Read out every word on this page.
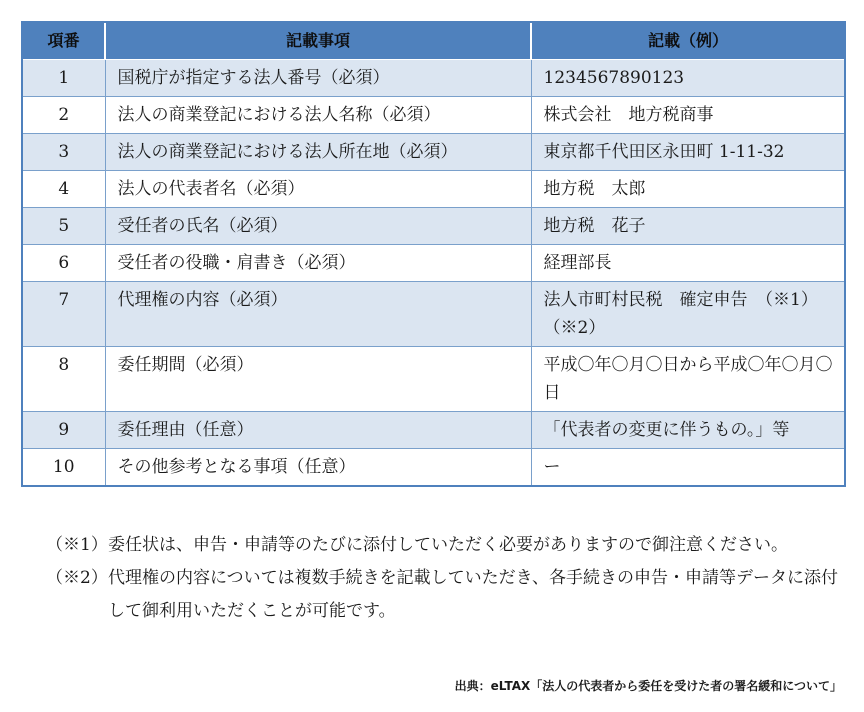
項番	記載事項	記載（例）
1	国税庁が指定する法人番号（必須）	1234567890123
2	法人の商業登記における法人名称（必須）	株式会社　地方税商事
3	法人の商業登記における法人所在地（必須）	東京都千代田区永田町 1-11-32
4	法人の代表者名（必須）	地方税　太郎
5	受任者の氏名（必須）	地方税　花子
6	受任者の役職・肩書き（必須）	経理部長
7	代理権の内容（必須）	法人市町村民税　確定申告　（※1）（※2）
8	委任期間（必須）	平成〇年〇月〇日から平成〇年〇月〇日
9	委任理由（任意）	「代表者の変更に伴うもの。」等
10	その他参考となる事項（任意）	ー
（※1） 委任状は、申告・申請等のたびに添付していただく必要がありますので御注意ください。
（※2） 代理権の内容については複数手続きを記載していただき、各手続きの申告・申請等データに添付して御利用いただくことが可能です。
出典：eLTAX「法人の代表者から委任を受けた者の署名緩和について」
